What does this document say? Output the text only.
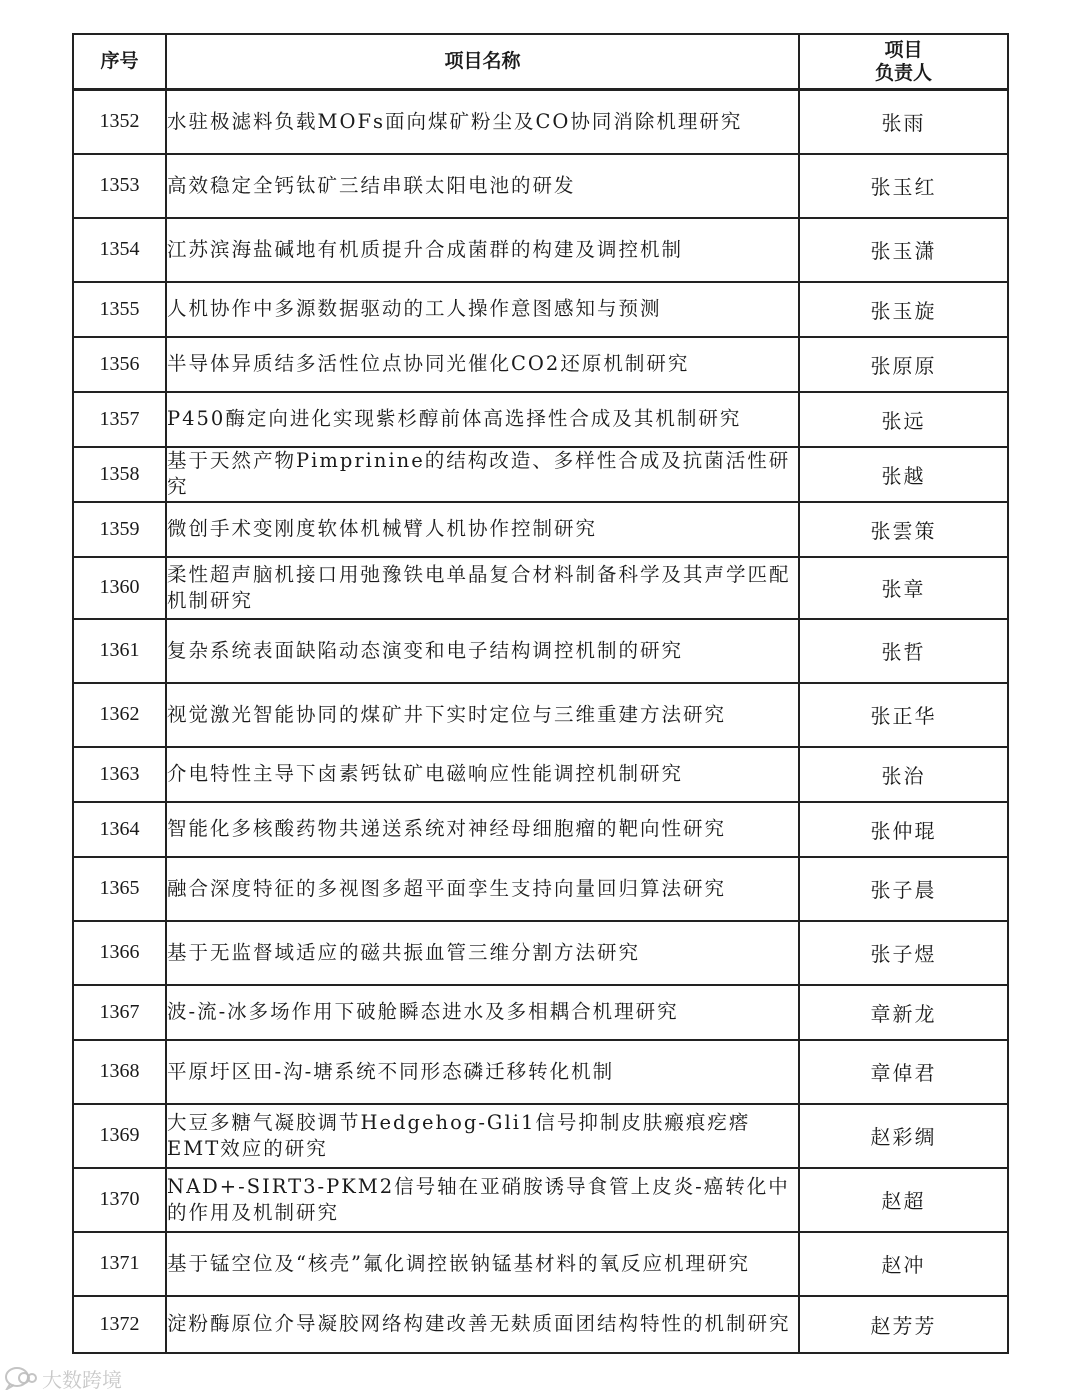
序号	项目名称	项目
负责人

1352	水驻极滤料负载MOFs面向煤矿粉尘及CO协同消除机理研究	张雨
1353	高效稳定全钙钛矿三结串联太阳电池的研发	张玉红
1354	江苏滨海盐碱地有机质提升合成菌群的构建及调控机制	张玉潇
1355	人机协作中多源数据驱动的工人操作意图感知与预测	张玉旋
1356	半导体异质结多活性位点协同光催化CO2还原机制研究	张原原
1357	P450酶定向进化实现紫杉醇前体高选择性合成及其机制研究	张远
1358	基于天然产物Pimprinine的结构改造、多样性合成及抗菌活性研究	张越
1359	微创手术变刚度软体机械臂人机协作控制研究	张雲策
1360	柔性超声脑机接口用弛豫铁电单晶复合材料制备科学及其声学匹配机制研究	张章
1361	复杂系统表面缺陷动态演变和电子结构调控机制的研究	张哲
1362	视觉激光智能协同的煤矿井下实时定位与三维重建方法研究	张正华
1363	介电特性主导下卤素钙钛矿电磁响应性能调控机制研究	张治
1364	智能化多核酸药物共递送系统对神经母细胞瘤的靶向性研究	张仲琨
1365	融合深度特征的多视图多超平面孪生支持向量回归算法研究	张子晨
1366	基于无监督域适应的磁共振血管三维分割方法研究	张子煜
1367	波-流-冰多场作用下破舱瞬态进水及多相耦合机理研究	章新龙
1368	平原圩区田-沟-塘系统不同形态磷迁移转化机制	章倬君
1369	大豆多糖气凝胶调节Hedgehog-Gli1信号抑制皮肤瘢痕疙瘩EMT效应的研究	赵彩绸
1370	NAD+-SIRT3-PKM2信号轴在亚硝胺诱导食管上皮炎-癌转化中的作用及机制研究	赵超
1371	基于锰空位及“核壳”氟化调控嵌钠锰基材料的氧反应机理研究	赵冲
1372	淀粉酶原位介导凝胶网络构建改善无麸质面团结构特性的机制研究	赵芳芳
大数跨境
